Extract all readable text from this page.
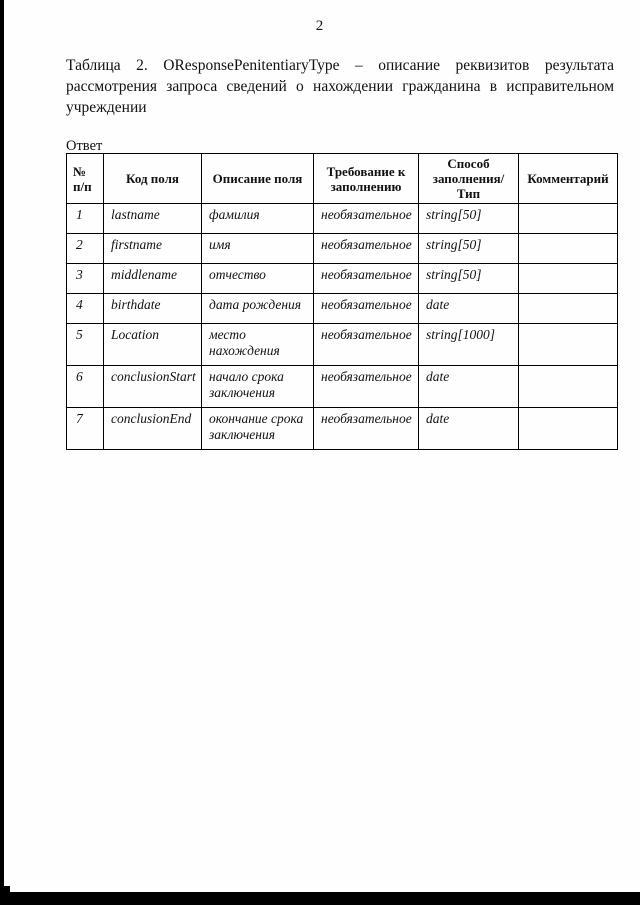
2

Таблица 2. OResponsePenitentiaryType – описание реквизитов результата рассмотрения запроса сведений о нахождении гражданина в исправительном учреждении

Ответ
№ п/п	Код поля	Описание поля	Требование к заполнению	Способ заполнения/Тип	Комментарий
1	lastname	фамилия	необязательное	string[50]	
2	firstname	имя	необязательное	string[50]	
3	middlename	отчество	необязательное	string[50]	
4	birthdate	дата рождения	необязательное	date	
5	Location	место нахождения	необязательное	string[1000]	
6	conclusionStart	начало срока заключения	необязательное	date	
7	conclusionEnd	окончание срока заключения	необязательное	date	
